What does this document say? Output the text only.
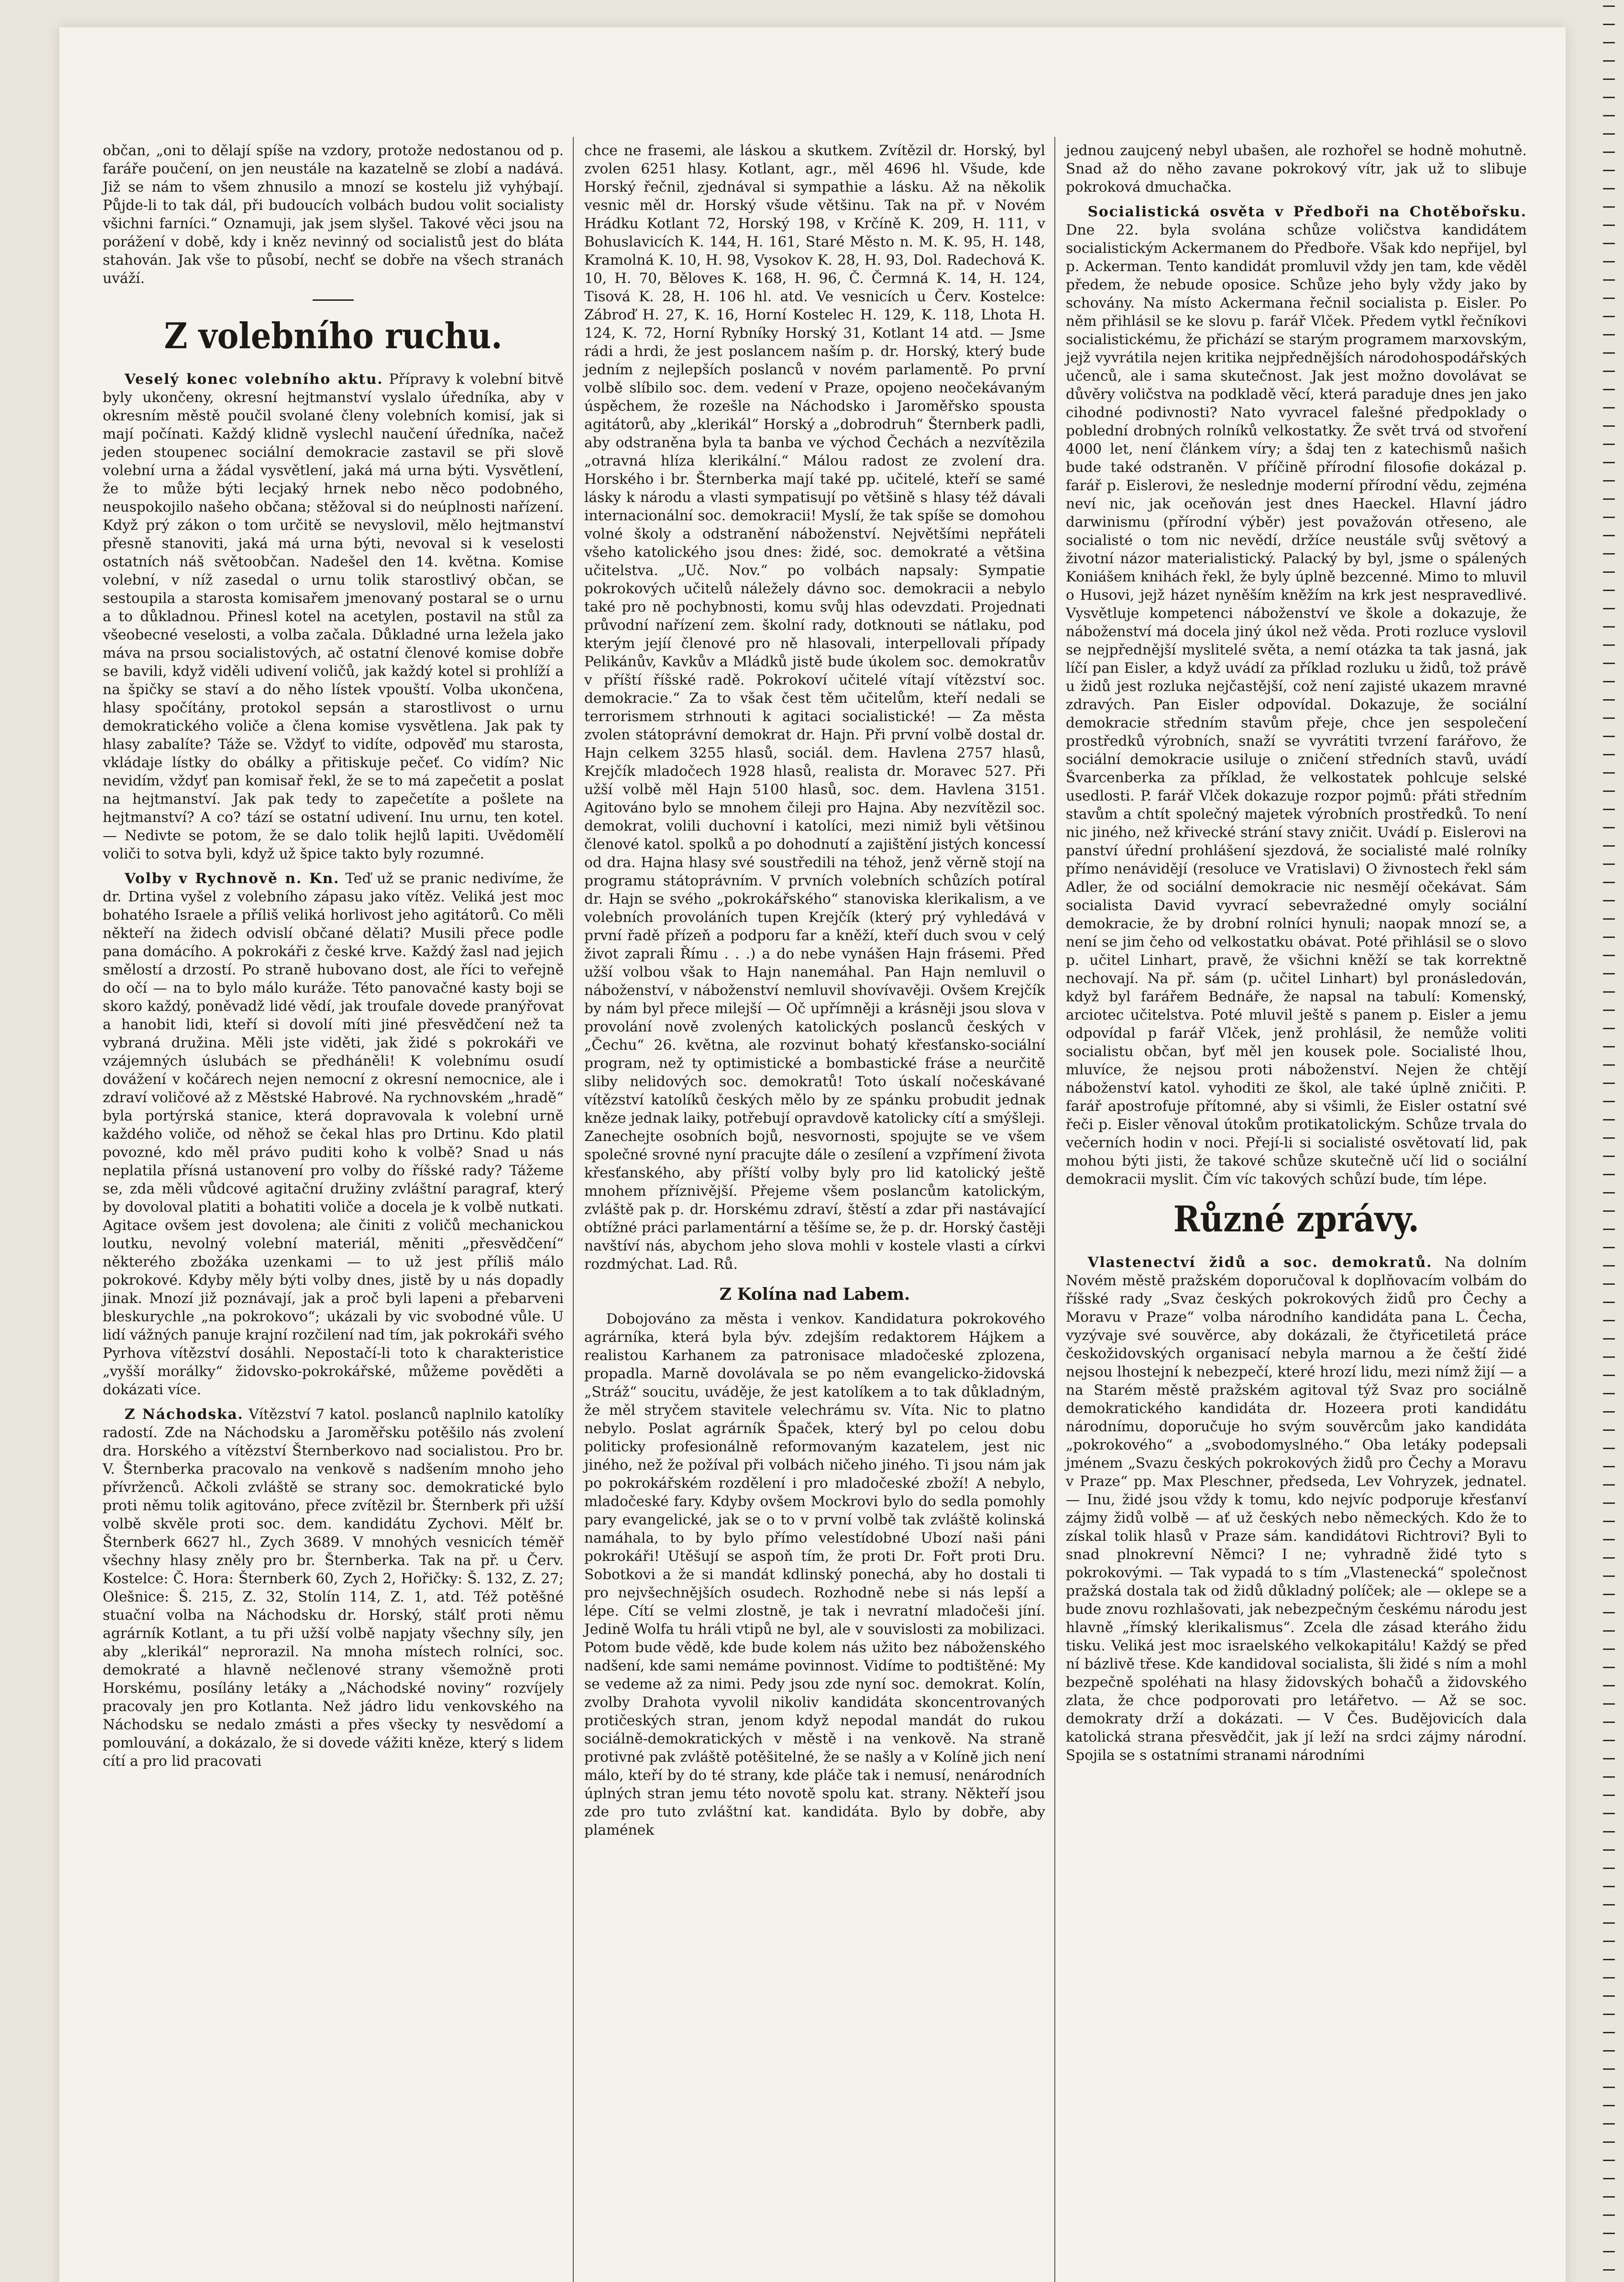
občan, „oni to dělají spíše na vzdory, protože nedostanou od p. faráře poučení, on jen neustále na kazatelně se zlobí a nadává. Již se nám to všem zhnusilo a mnozí se kostelu již vyhýbají. Půjde-li to tak dál, při budoucích volbách budou volit socialisty všichni farníci.“ Oznamuji, jak jsem slyšel. Takové věci jsou na porážení v době, kdy i kněz nevinný od socialistů jest do bláta stahován. Jak vše to působí, nechť se dobře na všech stranách uváží.

Z volebního ruchu.

Veselý konec volebního aktu. Přípravy k volební bitvě byly ukončeny, okresní hejtmanství vyslalo úředníka, aby v okresním městě poučil svolané členy volebních komisí, jak si mají počínati. Každý klidně vyslechl naučení úředníka, načež jeden stoupenec sociální demokracie zastavil se při slově volební urna a žádal vysvětlení, jaká má urna býti. Vysvětlení, že to může býti lecjaký hrnek nebo něco podobného, neuspokojilo našeho občana; stěžoval si do neúplnosti nařízení. Když prý zákon o tom určitě se nevyslovil, mělo hejtmanství přesně stanoviti, jaká má urna býti, nevoval si k veselosti ostatních náš světoobčan. Nadešel den 14. května. Komise volební, v níž zasedal o urnu tolik starostlivý občan, se sestoupila a starosta komisařem jmenovaný postaral se o urnu a to důkladnou. Přinesl kotel na acetylen, postavil na stůl za všeobecné veselosti, a volba začala. Důkladné urna ležela jako máva na prsou socialistových, ač ostatní členové komise dobře se bavili, když viděli udivení voličů, jak každý kotel si prohlíží a na špičky se staví a do něho lístek vpouští. Volba ukončena, hlasy spočítány, protokol sepsán a starostlivost o urnu demokratického voliče a člena komise vysvětlena. Jak pak ty hlasy zabalíte? Táže se. Vždyť to vidíte, odpověď mu starosta, vkládaje lístky do obálky a přitiskuje pečeť. Co vidím? Nic nevidím, vždyť pan komisař řekl, že se to má zapečetit a poslat na hejtmanství. Jak pak tedy to zapečetíte a pošlete na hejtmanství? A co? tází se ostatní udivení. Inu urnu, ten kotel. — Nedivte se potom, že se dalo tolik hejlů lapiti. Uvědomělí voliči to sotva byli, když už špice takto byly rozumné.

Volby v Rychnově n. Kn. Teď už se pranic nedivíme, že dr. Drtina vyšel z volebního zápasu jako vítěz. Veliká jest moc bohatého Israele a příliš veliká horlivost jeho agitátorů. Co měli někteří na židech odvislí občané dělati? Musili přece podle pana domácího. A pokrokáři z české krve. Každý žasl nad jejich smělostí a drzostí. Po straně hubovano dost, ale říci to veřejně do očí — na to bylo málo kuráže. Této panovačné kasty boji se skoro každý, poněvadž lidé vědí, jak troufale dovede pranýřovat a hanobit lidi, kteří si dovolí míti jiné přesvědčení než ta vybraná družina. Měli jste viděti, jak židé s pokrokáři ve vzájemných úslubách se předháněli! K volebnímu osudí dovážení v kočárech nejen nemocní z okresní nemocnice, ale i zdraví voličové až z Městské Habrové. Na rychnovském „hradě“ byla portýrská stanice, která dopravovala k volební urně každého voliče, od něhož se čekal hlas pro Drtinu. Kdo platil povozné, kdo měl právo puditi koho k volbě? Snad u nás neplatila přísná ustanovení pro volby do říšské rady? Tážeme se, zda měli vůdcové agitační družiny zvláštní paragraf, který by dovoloval platiti a bohatiti voliče a docela je k volbě nutkati. Agitace ovšem jest dovolena; ale činiti z voličů mechanickou loutku, nevolný volební materiál, měniti „přesvědčení“ některého zbožáka uzenkami — to už jest příliš málo pokrokové. Kdyby měly býti volby dnes, jistě by u nás dopadly jinak. Mnozí již poznávají, jak a proč byli lapeni a přebarveni bleskurychle „na pokrokovo“; ukázali by vic svobodné vůle. U lidí vážných panuje krajní rozčilení nad tím, jak pokrokáři svého Pyrhova vítězství dosáhli. Nepostačí-li toto k charakteristice „vyšší morálky“ židovsko-pokrokářské, můžeme pověděti a dokázati více.

Z Náchodska. Vítězství 7 katol. poslanců naplnilo katolíky radostí. Zde na Náchodsku a Jaroměřsku potěšilo nás zvolení dra. Horského a vítězství Šternberkovo nad socialistou. Pro br. V. Šternberka pracovalo na venkově s nadšením mnoho jeho přívrženců. Ačkoli zvláště se strany soc. demokratické bylo proti němu tolik agitováno, přece zvítězil br. Šternberk při užší volbě skvěle proti soc. dem. kandidátu Zychovi. Mělť br. Šternberk 6627 hl., Zych 3689. V mnohých vesnicích téměř všechny hlasy zněly pro br. Šternberka. Tak na př. u Červ. Kostelce: Č. Hora: Šternberk 60, Zych 2, Hořičky: Š. 132, Z. 27; Olešnice: Š. 215, Z. 32, Stolín 114, Z. 1, atd. Též potěšné stuační volba na Náchodsku dr. Horský, stálť proti němu agrárník Kotlant, a tu při užší volbě napjaty všechny síly, jen aby „klerikál“ neprorazil. Na mnoha místech rolníci, soc. demokraté a hlavně nečlenové strany všemožně proti Horskému, posílány letáky a „Náchodské noviny“ rozvíjely pracovaly jen pro Kotlanta. Než jádro lidu venkovského na Náchodsku se nedalo zmásti a přes všecky ty nesvědomí a pomlouvání, a dokázalo, že si dovede vážiti kněze, který s lidem cítí a pro lid pracovati

chce ne frasemi, ale láskou a skutkem. Zvítězil dr. Horský, byl zvolen 6251 hlasy. Kotlant, agr., měl 4696 hl. Všude, kde Horský řečnil, zjednával si sympathie a lásku. Až na několik vesnic měl dr. Horský všude většinu. Tak na př. v Novém Hrádku Kotlant 72, Horský 198, v Krčíně K. 209, H. 111, v Bohuslavicích K. 144, H. 161, Staré Město n. M. K. 95, H. 148, Kramolná K. 10, H. 98, Vysokov K. 28, H. 93, Dol. Radechová K. 10, H. 70, Běloves K. 168, H. 96, Č. Čermná K. 14, H. 124, Tisová K. 28, H. 106 hl. atd. Ve vesnicích u Červ. Kostelce: Zábroď H. 27, K. 16, Horní Kostelec H. 129, K. 118, Lhota H. 124, K. 72, Horní Rybníky Horský 31, Kotlant 14 atd. — Jsme rádi a hrdi, že jest poslancem naším p. dr. Horský, který bude jedním z nejlepších poslanců v novém parlamentě. Po první volbě slíbilo soc. dem. vedení v Praze, opojeno neočekávaným úspěchem, že rozešle na Náchodsko i Jaroměřsko spousta agitátorů, aby „klerikál“ Horský a „dobrodruh“ Šternberk padli, aby odstraněna byla ta banba ve východ Čechách a nezvítězila „otravná hlíza klerikální.“ Málou radost ze zvolení dra. Horského i br. Šternberka mají také pp. učitelé, kteří se samé lásky k národu a vlasti sympatisují po většině s hlasy též dávali internacionální soc. demokracii! Myslí, že tak spíše se domohou volné školy a odstranění náboženství. Největšími nepřáteli všeho katolického jsou dnes: židé, soc. demokraté a většina učitelstva. „Uč. Nov.“ po volbách napsaly: Sympatie pokrokových učitelů náležely dávno soc. demokracii a nebylo také pro ně pochybnosti, komu svůj hlas odevzdati. Projednati průvodní nařízení zem. školní rady, dotknouti se nátlaku, pod kterým jejíí členové pro ně hlasovali, interpellovali případy Pelikánův, Kavkův a Mládků jistě bude úkolem soc. demokratův v příští říšské radě. Pokrokoví učitelé vítají vítězství soc. demokracie.“ Za to však čest těm učitelům, kteří nedali se terrorismem strhnouti k agitaci socialistické! — Za města zvolen státoprávní demokrat dr. Hajn. Při první volbě dostal dr. Hajn celkem 3255 hlasů, sociál. dem. Havlena 2757 hlasů, Krejčík mladočech 1928 hlasů, realista dr. Moravec 527. Při užší volbě měl Hajn 5100 hlasů, soc. dem. Havlena 3151. Agitováno bylo se mnohem čileji pro Hajna. Aby nezvítězil soc. demokrat, volili duchovní i katolíci, mezi nimiž byli většinou členové katol. spolků a po dohodnutí a zajištění jistých koncessí od dra. Hajna hlasy své soustředili na téhož, jenž věrně stojí na programu státoprávním. V prvních volebních schůzích potíral dr. Hajn se svého „pokrokářského“ stanoviska klerikalism, a ve volebních provoláních tupen Krejčík (který prý vyhledává v první řadě přízeň a podporu far a kněží, kteří duch svou v celý život zaprali Římu . . .) a do nebe vynášen Hajn frásemi. Před užší volbou však to Hajn nanemáhal. Pan Hajn nemluvil o náboženství, v náboženství nemluvil shovívavěji. Ovšem Krejčík by nám byl přece milejší — Oč upřímněji a krásněji jsou slova v provolání nově zvolených katolických poslanců českých v „Čechu“ 26. května, ale rozvinut bohatý křesťansko-sociální program, než ty optimistické a bombastické fráse a neurčitě sliby nelidových soc. demokratů! Toto úskalí nočeskávané vítězství katolíků českých mělo by ze spánku probudit jednak kněze jednak laiky, potřebují opravdově katolicky cítí a smýšleji. Zanechejte osobních bojů, nesvornosti, spojujte se ve všem společné srovné nyní pracujte dále o zesílení a vzpřímení života křesťanského, aby příští volby byly pro lid katolický ještě mnohem příznivější. Přejeme všem poslancům katolickým, zvláště pak p. dr. Horskému zdraví, štěstí a zdar při nastávající obtížné práci parlamentární a těšíme se, že p. dr. Horský častěji navštíví nás, abychom jeho slova mohli v kostele vlasti a církvi rozdmýchat. Lad. Rů.

Z Kolína nad Labem.

Dobojováno za města i venkov. Kandidatura pokrokového agrárníka, která byla býv. zdejším redaktorem Hájkem a realistou Karhanem za patronisace mladočeské zplozena, propadla. Marně dovolávala se po něm evangelicko-židovská „Stráž“ soucitu, uváděje, že jest katolíkem a to tak důkladným, že měl stryčem stavitele velechrámu sv. Víta. Nic to platno nebylo. Poslat agrárník Špaček, který byl po celou dobu politicky profesionálně reformovaným kazatelem, jest nic jiného, než že požíval při volbách ničeho jiného. Ti jsou nám jak po pokrokářském rozdělení i pro mladočeské zboží! A nebylo, mladočeské fary. Kdyby ovšem Mockrovi bylo do sedla pomohly pary evangelické, jak se o to v první volbě tak zvláště kolinská namáhala, to by bylo přímo velestídobné Ubozí naši páni pokrokáři! Utěšují se aspoň tím, že proti Dr. Fořt proti Dru. Sobotkovi a že si mandát kdlinský ponechá, aby ho dostali ti pro nejvšechnějších osudech. Rozhodně nebe si nás lepší a lépe. Cítí se velmi zlostně, je tak i nevratní mladočeši jíní. Jedině Wolfa tu hráli vtipů ne byl, ale v souvislosti za mobilizaci. Potom bude vědě, kde bude kolem nás užito bez náboženského nadšení, kde sami nemáme povinnost. Vidíme to podtištěné: My se vedeme až za nimi. Pedy jsou zde nyní soc. demokrat. Kolín, zvolby Drahota vyvolil nikoliv kandidáta skoncentrovaných protičeských stran, jenom když nepodal mandát do rukou sociálně-demokratických v městě i na venkově. Na straně protivné pak zvláště potěšitelné, že se našly a v Kolíně jich není málo, kteří by do té strany, kde pláče tak i nemusí, nenárodních úplných stran jemu této novotě spolu kat. strany. Někteří jsou zde pro tuto zvláštní kat. kandidáta. Bylo by dobře, aby plamének

jednou zaujcený nebyl ubašen, ale rozhořel se hodně mohutně. Snad až do něho zavane pokrokový vítr, jak už to slibuje pokroková dmuchačka.

Socialistická osvěta v Předboři na Chotěbořsku. Dne 22. byla svolána schůze voličstva kandidátem socialistickým Ackermanem do Předboře. Však kdo nepřijel, byl p. Ackerman. Tento kandidát promluvil vždy jen tam, kde věděl předem, že nebude oposice. Schůze jeho byly vždy jako by schovány. Na místo Ackermana řečnil socialista p. Eisler. Po něm přihlásil se ke slovu p. farář Vlček. Předem vytkl řečníkovi socialistickému, že přichází se starým programem marxovským, jejž vyvrátila nejen kritika nejpřednějších národohospodářských učenců, ale i sama skutečnost. Jak jest možno dovolávat se důvěry voličstva na podkladě věcí, která paraduje dnes jen jako cihodné podivnosti? Nato vyvracel falešné předpoklady o poblední drobných rolníků velkostatky. Že svět trvá od stvoření 4000 let, není článkem víry; a šdaj ten z katechismů našich bude také odstraněn. V příčině přírodní filosofie dokázal p. farář p. Eislerovi, že neslednje moderní přírodní vědu, zejména neví nic, jak oceňován jest dnes Haeckel. Hlavní jádro darwinismu (přírodní výběr) jest považován otřeseno, ale socialisté o tom nic nevědí, držíce neustále svůj světový a životní názor materialistický. Palacký by byl, jsme o spálených Koniášem knihách řekl, že byly úplně bezcenné. Mimo to mluvil o Husovi, jejž házet nyněším kněžím na krk jest nespravedlivé. Vysvětluje kompetenci náboženství ve škole a dokazuje, že náboženství má docela jiný úkol než věda. Proti rozluce vyslovil se nejpřednější myslitelé světa, a nemí otázka ta tak jasná, jak líčí pan Eisler, a když uvádí za příklad rozluku u židů, tož právě u židů jest rozluka nejčastější, což není zajisté ukazem mravné zdravých. Pan Eisler odpovídal. Dokazuje, že sociální demokracie středním stavům přeje, chce jen sespolečení prostředků výrobních, snaží se vyvrátiti tvrzení farářovo, že sociální demokracie usiluje o zničení středních stavů, uvádí Švarcenberka za příklad, že velkostatek pohlcuje selské usedlosti. P. farář Vlček dokazuje rozpor pojmů: přáti středním stavům a chtít společný majetek výrobních prostředků. To není nic jiného, než křivecké strání stavy zničit. Uvádí p. Eislerovi na panství úřední prohlášení sjezdová, že socialisté malé rolníky přímo nenávidějí (resoluce ve Vratislavi) O živnostech řekl sám Adler, že od sociální demokracie nic nesmějí očekávat. Sám socialista David vyvrací sebevražedné omyly sociální demokracie, že by drobní rolníci hynuli; naopak mnozí se, a není se jim čeho od velkostatku obávat. Poté přihlásil se o slovo p. učitel Linhart, pravě, že všichni kněží se tak korrektně nechovají. Na př. sám (p. učitel Linhart) byl pronásledován, když byl farářem Bednáře, že napsal na tabulí: Komenský, arciotec učitelstva. Poté mluvil ještě s panem p. Eisler a jemu odpovídal p farář Vlček, jenž prohlásil, že nemůže voliti socialistu občan, byť měl jen kousek pole. Socialisté lhou, mluvíce, že nejsou proti náboženství. Nejen že chtějí náboženství katol. vyhoditi ze škol, ale také úplně zničiti. P. farář apostrofuje přítomné, aby si všimli, že Eisler ostatní své řeči p. Eisler věnoval útokům protikatolickým. Schůze trvala do večerních hodin v noci. Přejí-li si socialisté osvětovatí lid, pak mohou býti jisti, že takové schůze skutečně učí lid o sociální demokracii myslit. Čím víc takových schůzí bude, tím lépe.

Různé zprávy.

Vlastenectví židů a soc. demokratů. Na dolním Novém městě pražském doporučoval k doplňovacím volbám do říšské rady „Svaz českých pokrokových židů pro Čechy a Moravu v Praze“ volba národního kandidáta pana L. Čecha, vyzývaje své souvěrce, aby dokázali, že čtyřicetiletá práce českožidovských organisací nebyla marnou a že čeští židé nejsou lhostejní k nebezpečí, které hrozí lidu, mezi nímž žijí — a na Starém městě pražském agitoval týž Svaz pro sociálně demokratického kandidáta dr. Hozeera proti kandidátu národnímu, doporučuje ho svým souvěrcům jako kandidáta „pokrokového“ a „svobodomyslného.“ Oba letáky podepsali jménem „Svazu českých pokrokových židů pro Čechy a Moravu v Praze“ pp. Max Pleschner, předseda, Lev Vohryzek, jednatel. — Inu, židé jsou vždy k tomu, kdo nejvíc podporuje křesťanví zájmy židů volbě — ať už českých nebo německých. Kdo že to získal tolik hlasů v Praze sám. kandidátovi Richtrovi? Byli to snad plnokrevní Němci? I ne; vyhradně židé tyto s pokrokovými. — Tak vypadá to s tím „Vlastenecká“ společnost pražská dostala tak od židů důkladný políček; ale — oklepe se a bude znovu rozhlašovati, jak nebezpečným českému národu jest hlavně „římský klerikalismus“. Zcela dle zásad kteráho židu tisku. Veliká jest moc israelského velkokapitálu! Každý se před ní bázlivě třese. Kde kandidoval socialista, šli židé s ním a mohl bezpečně spoléhati na hlasy židovských bohačů a židovského zlata, že chce podporovati pro letářetvo. — Až se soc. demokraty drží a dokázati. — V Čes. Budějovicích dala katolická strana přesvědčit, jak jí leží na srdci zájmy národní. Spojila se s ostatními stranami národními
